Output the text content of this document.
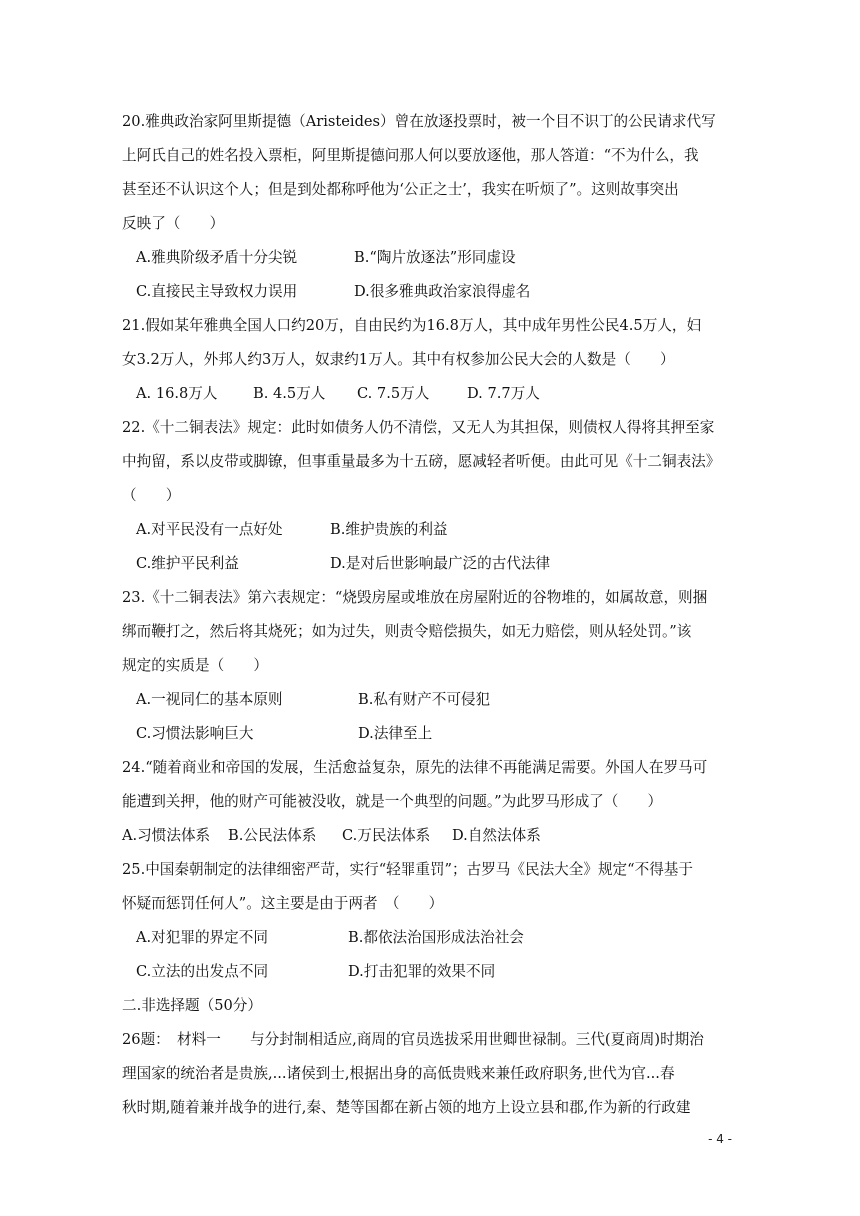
20.雅典政治家阿里斯提德（Aristeides）曾在放逐投票时，被一个目不识丁的公民请求代写
上阿氏自己的姓名投入票柜，阿里斯提德问那人何以要放逐他，那人答道：“不为什么，我
甚至还不认识这个人；但是到处都称呼他为‘公正之士’，我实在听烦了”。这则故事突出
反映了（　　）
A.雅典阶级矛盾十分尖锐	B.“陶片放逐法”形同虚设
C.直接民主导致权力误用	D.很多雅典政治家浪得虚名
21.假如某年雅典全国人口约20万，自由民约为16.8万人，其中成年男性公民4.5万人，妇
女3.2万人，外邦人约3万人，奴隶约1万人。其中有权参加公民大会的人数是（　　）
A. 16.8万人 B. 4.5万人 C. 7.5万人	D. 7.7万人
22.《十二铜表法》规定：此时如债务人仍不清偿，又无人为其担保，则债权人得将其押至家
中拘留，系以皮带或脚镣，但事重量最多为十五磅，愿减轻者听便。由此可见《十二铜表法》
（　　）
A.对平民没有一点好处	B.维护贵族的利益
C.维护平民利益	D.是对后世影响最广泛的古代法律
23.《十二铜表法》第六表规定：“烧毁房屋或堆放在房屋附近的谷物堆的，如属故意，则捆
绑而鞭打之，然后将其烧死；如为过失，则责令赔偿损失，如无力赔偿，则从轻处罚。”该
规定的实质是（　　）
A.一视同仁的基本原则	B.私有财产不可侵犯
C.习惯法影响巨大	D.法律至上
24.“随着商业和帝国的发展，生活愈益复杂，原先的法律不再能满足需要。外国人在罗马可
能遭到关押，他的财产可能被没收，就是一个典型的问题。”为此罗马形成了（　　）
A.习惯法体系 B.公民法体系 C.万民法体系 D.自然法体系
25.中国秦朝制定的法律细密严苛，实行“轻罪重罚”；古罗马《民法大全》规定“不得基于
怀疑而惩罚任何人”。这主要是由于两者　（　　）
A.对犯罪的界定不同	B.都依法治国形成法治社会
C.立法的出发点不同	D.打击犯罪的效果不同
二.非选择题（50分）
26题：　材料一　　与分封制相适应,商周的官员选拔采用世卿世禄制。三代(夏商周)时期治
理国家的统治者是贵族,...诸侯到士,根据出身的高低贵贱来兼任政府职务,世代为官...春
秋时期,随着兼并战争的进行,秦、楚等国都在新占领的地方上设立县和郡,作为新的行政建
- 4 -
